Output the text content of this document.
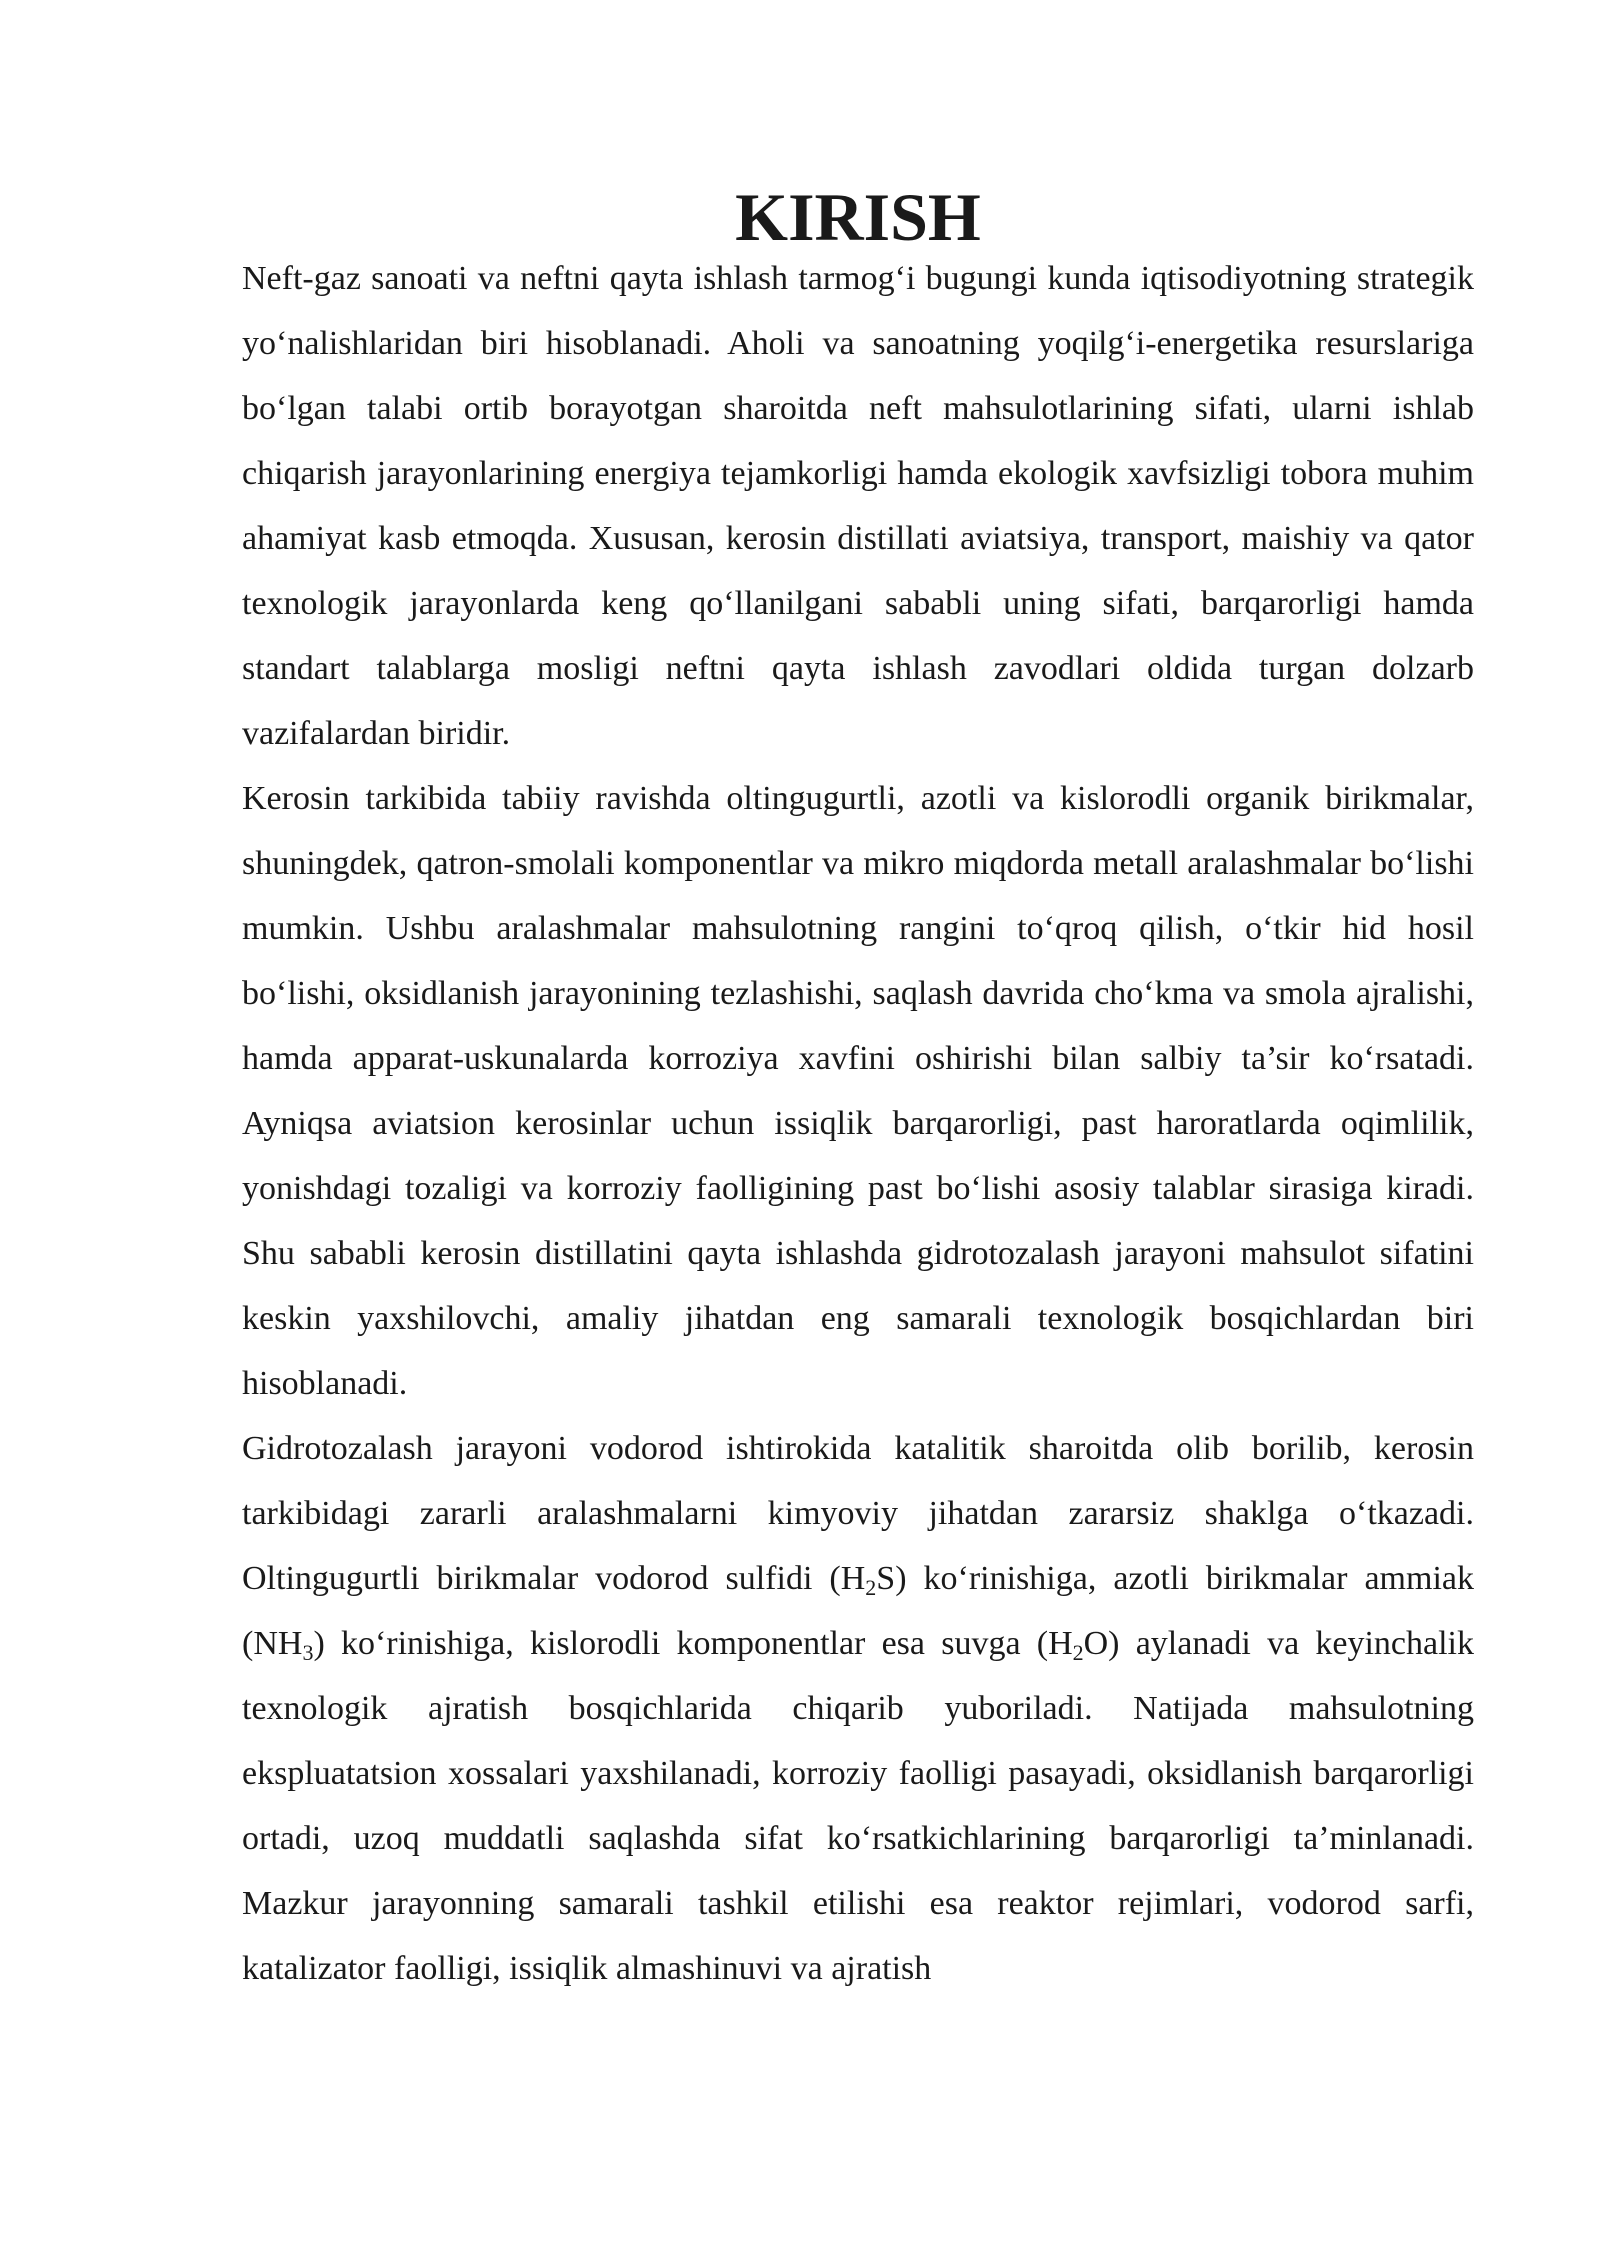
KIRISH

Neft-gaz sanoati va neftni qayta ishlash tarmog‘i bugungi kunda iqtisodiyotning strategik yo‘nalishlaridan biri hisoblanadi. Aholi va sanoatning yoqilg‘i-energetika resurslariga bo‘lgan talabi ortib borayotgan sharoitda neft mahsulotlarining sifati, ularni ishlab chiqarish jarayonlarining energiya tejamkorligi hamda ekologik xavfsizligi tobora muhim ahamiyat kasb etmoqda. Xususan, kerosin distillati aviatsiya, transport, maishiy va qator texnologik jarayonlarda keng qo‘llanilgani sababli uning sifati, barqarorligi hamda standart talablarga mosligi neftni qayta ishlash zavodlari oldida turgan dolzarb vazifalardan biridir.

Kerosin tarkibida tabiiy ravishda oltingugurtli, azotli va kislorodli organik birikmalar, shuningdek, qatron-smolali komponentlar va mikro miqdorda metall aralashmalar bo‘lishi mumkin. Ushbu aralashmalar mahsulotning rangini to‘qroq qilish, o‘tkir hid hosil bo‘lishi, oksidlanish jarayonining tezlashishi, saqlash davrida cho‘kma va smola ajralishi, hamda apparat-uskunalarda korroziya xavfini oshirishi bilan salbiy ta’sir ko‘rsatadi. Ayniqsa aviatsion kerosinlar uchun issiqlik barqarorligi, past haroratlarda oqimlilik, yonishdagi tozaligi va korroziy faolligining past bo‘lishi asosiy talablar sirasiga kiradi. Shu sababli kerosin distillatini qayta ishlashda gidrotozalash jarayoni mahsulot sifatini keskin yaxshilovchi, amaliy jihatdan eng samarali texnologik bosqichlardan biri hisoblanadi.

Gidrotozalash jarayoni vodorod ishtirokida katalitik sharoitda olib borilib, kerosin tarkibidagi zararli aralashmalarni kimyoviy jihatdan zararsiz shaklga o‘tkazadi. Oltingugurtli birikmalar vodorod sulfidi $(H_2S)$ ko‘rinishiga, azotli birikmalar ammiak $(NH_3)$ ko‘rinishiga, kislorodli komponentlar esa suvga $(H_2O)$ aylanadi va keyinchalik texnologik ajratish bosqichlarida chiqarib yuboriladi. Natijada mahsulotning ekspluatatsion xossalari yaxshilanadi, korroziy faolligi pasayadi, oksidlanish barqarorligi ortadi, uzoq muddatli saqlashda sifat ko‘rsatkichlarining barqarorligi ta’minlanadi. Mazkur jarayonning samarali tashkil etilishi esa reaktor rejimlari, vodorod sarfi, katalizator faolligi, issiqlik almashinuvi va ajratish
